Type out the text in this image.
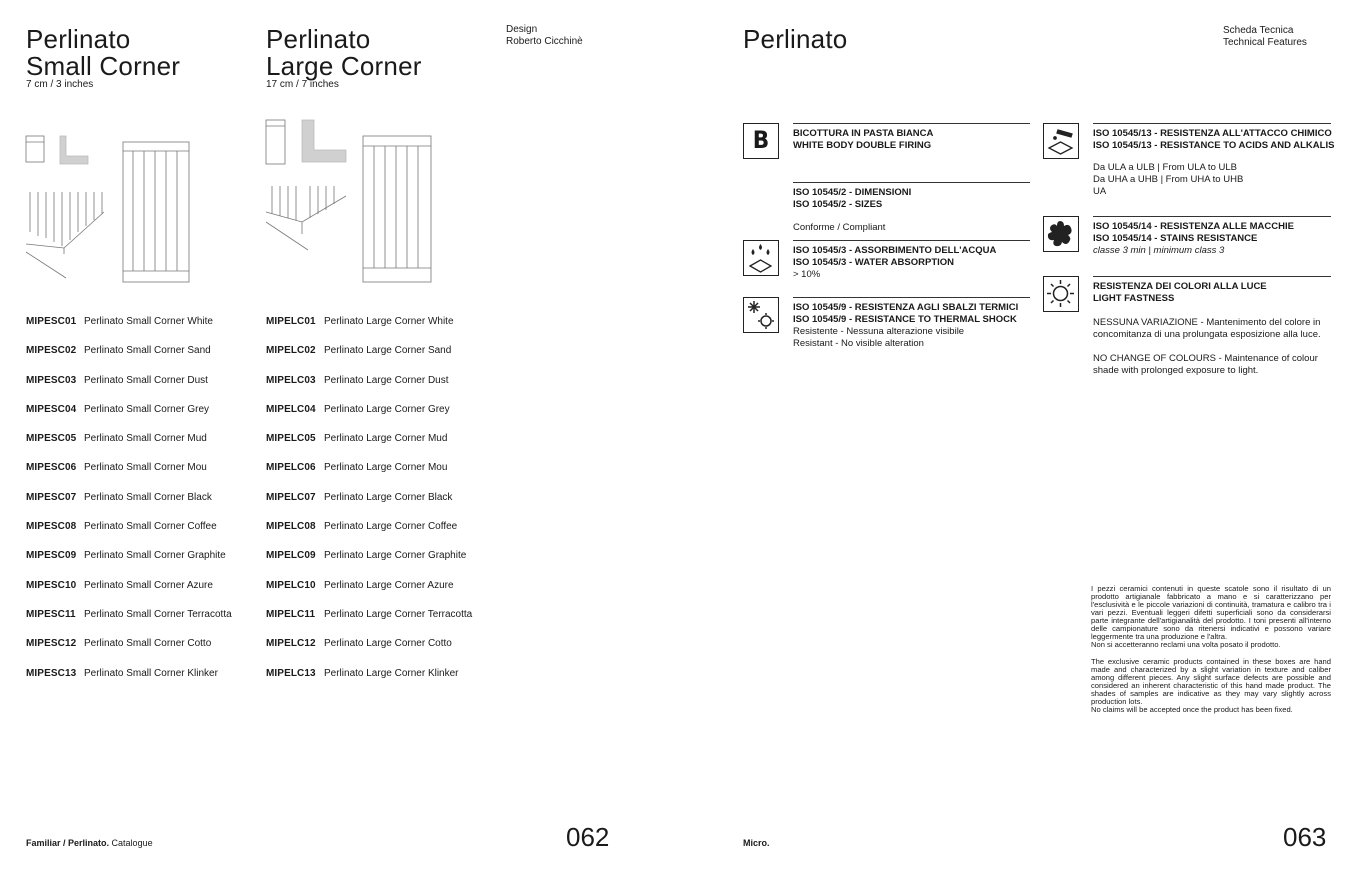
Perlinato
Small Corner
7 cm / 3 inches
Perlinato
Large Corner
17 cm / 7 inches
Design
Roberto Cicchinè
MIPESC01 Perlinato Small Corner White
MIPESC02 Perlinato Small Corner Sand
MIPESC03 Perlinato Small Corner Dust
MIPESC04 Perlinato Small Corner Grey
MIPESC05 Perlinato Small Corner Mud
MIPESC06 Perlinato Small Corner Mou
MIPESC07 Perlinato Small Corner Black
MIPESC08 Perlinato Small Corner Coffee
MIPESC09 Perlinato Small Corner Graphite
MIPESC10 Perlinato Small Corner Azure
MIPESC11 Perlinato Small Corner Terracotta
MIPESC12 Perlinato Small Corner Cotto
MIPESC13 Perlinato Small Corner Klinker
MIPELC01 Perlinato Large Corner White
MIPELC02 Perlinato Large Corner Sand
MIPELC03 Perlinato Large Corner Dust
MIPELC04 Perlinato Large Corner Grey
MIPELC05 Perlinato Large Corner Mud
MIPELC06 Perlinato Large Corner Mou
MIPELC07 Perlinato Large Corner Black
MIPELC08 Perlinato Large Corner Coffee
MIPELC09 Perlinato Large Corner Graphite
MIPELC10 Perlinato Large Corner Azure
MIPELC11 Perlinato Large Corner Terracotta
MIPELC12 Perlinato Large Corner Cotto
MIPELC13 Perlinato Large Corner Klinker
Familiar / Perlinato. Catalogue	062
Perlinato	Scheda Tecnica
Technical Features
B	BICOTTURA IN PASTA BIANCA
WHITE BODY DOUBLE FIRING
ISO 10545/2 - DIMENSIONI
ISO 10545/2 - SIZES
Conforme / Compliant
ISO 10545/3 - ASSORBIMENTO DELL'ACQUA
ISO 10545/3 - WATER ABSORPTION
> 10%
ISO 10545/9 - RESISTENZA AGLI SBALZI TERMICI
ISO 10545/9 - RESISTANCE TO THERMAL SHOCK
Resistente - Nessuna alterazione visibile
Resistant - No visible alteration
ISO 10545/13 - RESISTENZA ALL'ATTACCO CHIMICO
ISO 10545/13 - RESISTANCE TO ACIDS AND ALKALIS
Da ULA a ULB | From ULA to ULB
Da UHA a UHB | From UHA to UHB
UA
ISO 10545/14 - RESISTENZA ALLE MACCHIE
ISO 10545/14 - STAINS RESISTANCE
classe 3 min | minimum class 3
RESISTENZA DEI COLORI ALLA LUCE
LIGHT FASTNESS
NESSUNA VARIAZIONE - Mantenimento del colore in concomitanza di una prolungata esposizione alla luce.
NO CHANGE OF COLOURS - Maintenance of colour shade with prolonged exposure to light.
I pezzi ceramici contenuti in queste scatole sono il risultato di un prodotto artigianale fabbricato a mano e si caratterizzano per l'esclusività e le piccole variazioni di continuità, tramatura e calibro tra i vari pezzi. Eventuali leggeri difetti superficiali sono da considerarsi parte integrante dell'artigianalità del prodotto. I toni presenti all'interno delle campionature sono da ritenersi indicativi e possono variare leggermente tra una produzione e l'altra.
Non si accetteranno reclami una volta posato il prodotto.
The exclusive ceramic products contained in these boxes are hand made and characterized by a slight variation in texture and caliber among different pieces. Any slight surface defects are possible and considered an inherent characteristic of this hand made product. The shades of samples are indicative as they may vary slightly across production lots.
No claims will be accepted once the product has been fixed.
Micro.	063
